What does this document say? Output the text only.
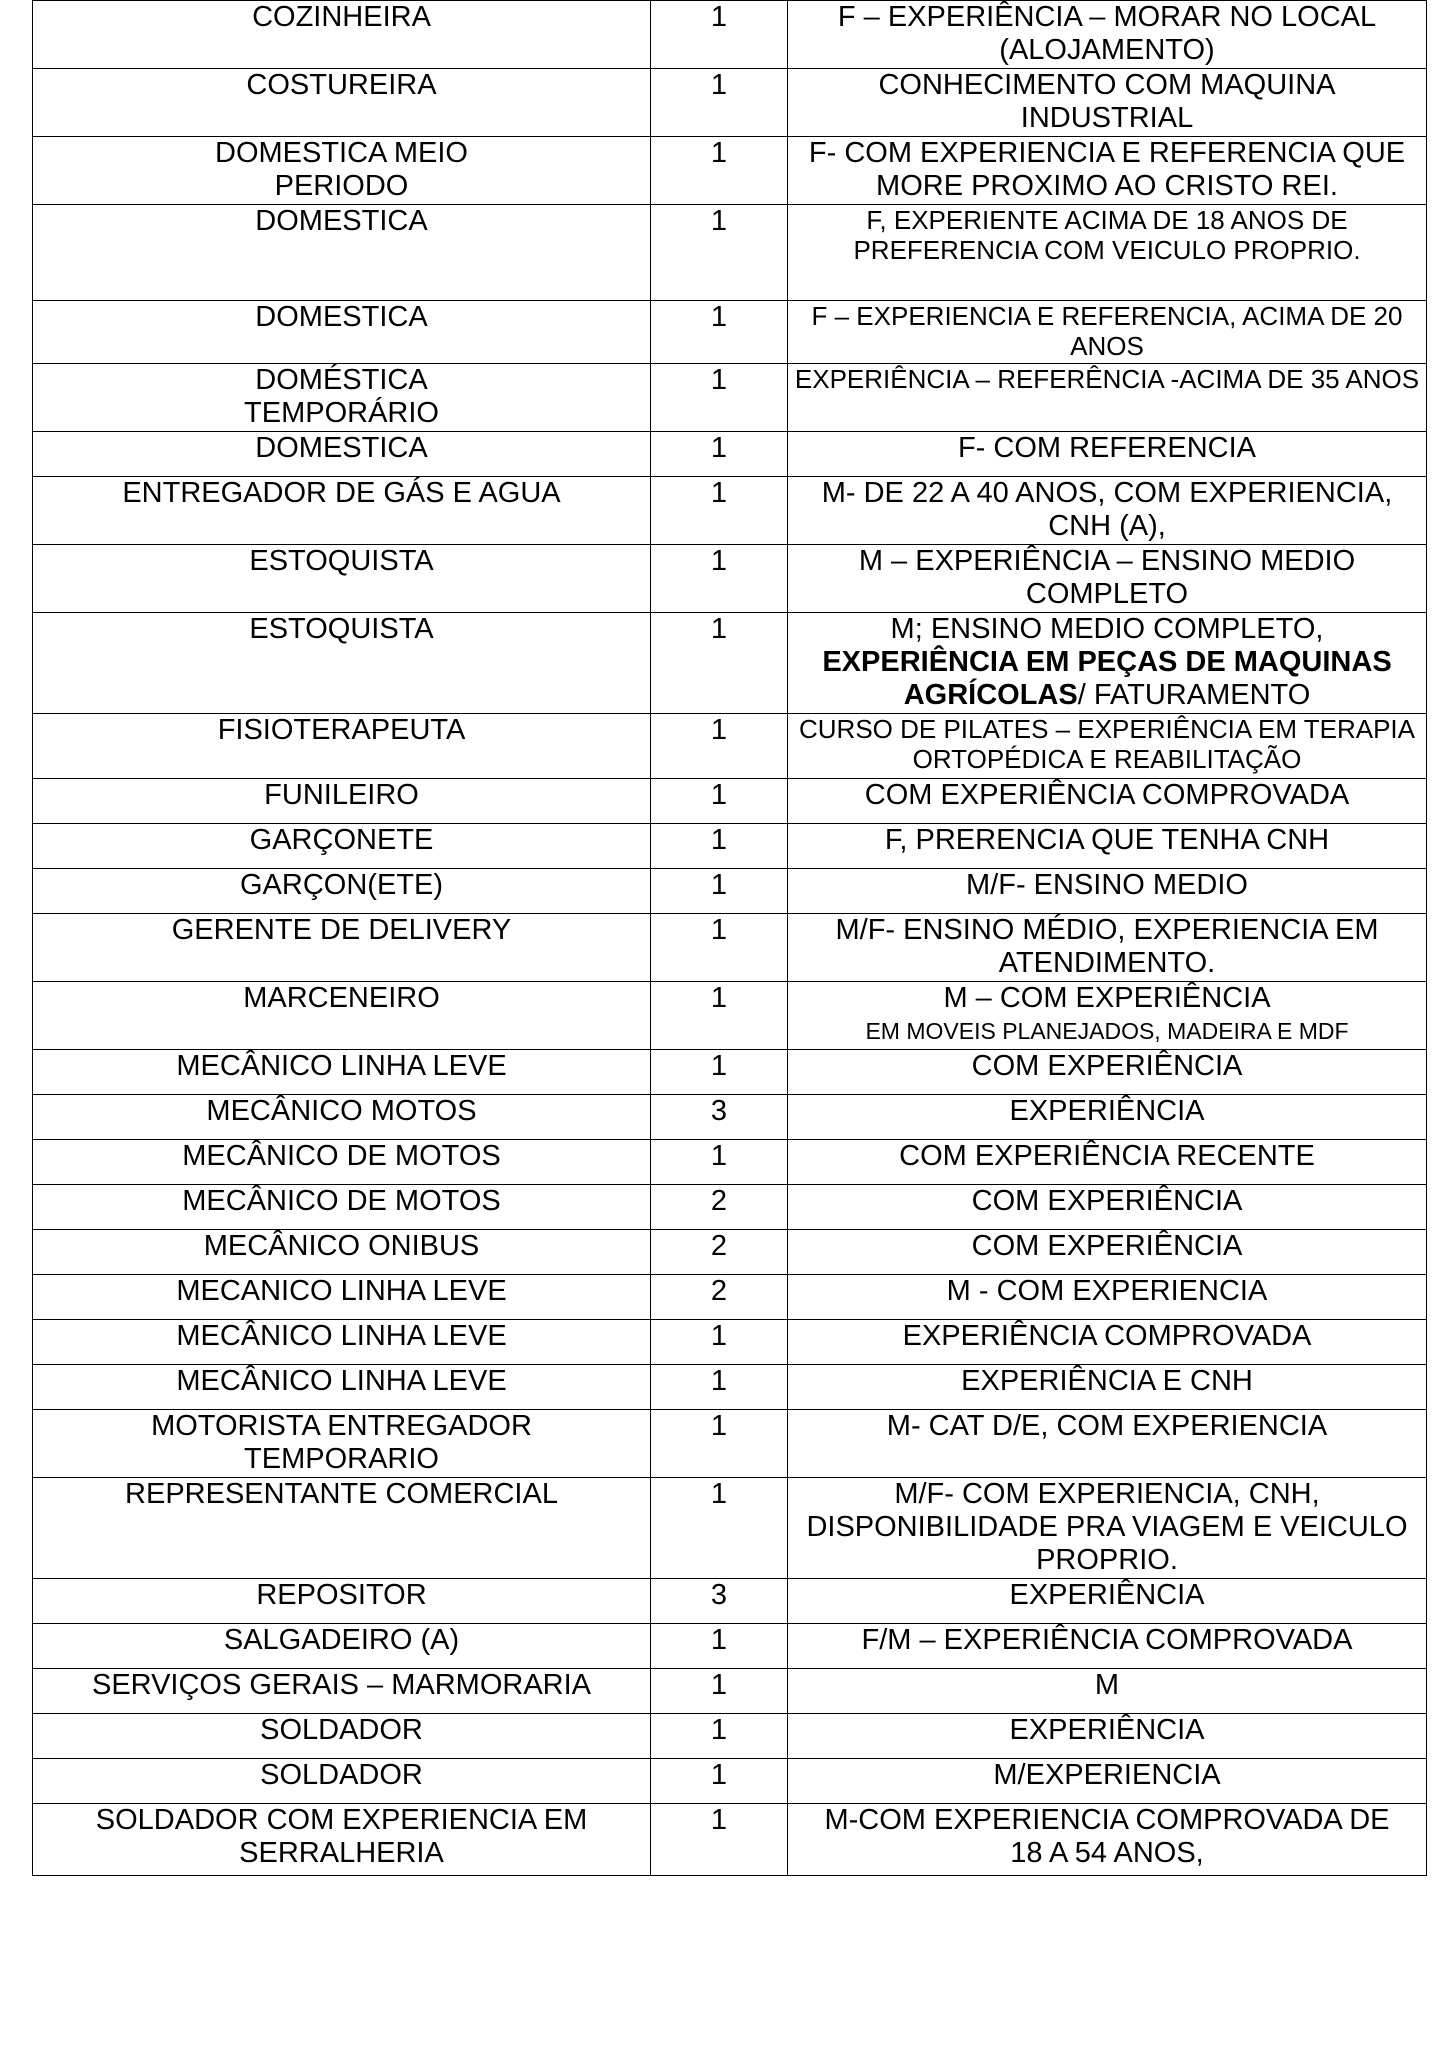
COZINHEIRA	1	F – EXPERIÊNCIA – MORAR NO LOCAL (ALOJAMENTO)
COSTUREIRA	1	CONHECIMENTO COM MAQUINA INDUSTRIAL
DOMESTICA MEIO PERIODO	1	F- COM EXPERIENCIA E REFERENCIA QUE MORE PROXIMO AO CRISTO REI.
DOMESTICA	1	F, EXPERIENTE ACIMA DE 18 ANOS DE PREFERENCIA COM VEICULO PROPRIO.
DOMESTICA	1	F – EXPERIENCIA E REFERENCIA, ACIMA DE 20 ANOS
DOMÉSTICA TEMPORÁRIO	1	EXPERIÊNCIA – REFERÊNCIA -ACIMA DE 35 ANOS
DOMESTICA	1	F- COM REFERENCIA
ENTREGADOR DE GÁS E AGUA	1	M- DE 22 A 40 ANOS, COM EXPERIENCIA, CNH (A),
ESTOQUISTA	1	M – EXPERIÊNCIA – ENSINO MEDIO COMPLETO
ESTOQUISTA	1	M; ENSINO MEDIO COMPLETO, EXPERIÊNCIA EM PEÇAS DE MAQUINAS AGRÍCOLAS/ FATURAMENTO
FISIOTERAPEUTA	1	CURSO DE PILATES – EXPERIÊNCIA EM TERAPIA ORTOPÉDICA E REABILITAÇÃO
FUNILEIRO	1	COM EXPERIÊNCIA COMPROVADA
GARÇONETE	1	F, PRERENCIA QUE TENHA CNH
GARÇON(ETE)	1	M/F- ENSINO MEDIO
GERENTE DE DELIVERY	1	M/F- ENSINO MÉDIO, EXPERIENCIA EM ATENDIMENTO.
MARCENEIRO	1	M – COM EXPERIÊNCIA
EM MOVEIS PLANEJADOS, MADEIRA E MDF

MECÂNICO LINHA LEVE	1	COM EXPERIÊNCIA
MECÂNICO MOTOS	3	EXPERIÊNCIA
MECÂNICO DE MOTOS	1	COM EXPERIÊNCIA RECENTE
MECÂNICO DE MOTOS	2	COM EXPERIÊNCIA
MECÂNICO ONIBUS	2	COM EXPERIÊNCIA
MECANICO LINHA LEVE	2	M - COM EXPERIENCIA
MECÂNICO LINHA LEVE	1	EXPERIÊNCIA COMPROVADA
MECÂNICO LINHA LEVE	1	EXPERIÊNCIA E CNH
MOTORISTA ENTREGADOR TEMPORARIO	1	M- CAT D/E, COM EXPERIENCIA
REPRESENTANTE COMERCIAL	1	M/F- COM EXPERIENCIA, CNH, DISPONIBILIDADE PRA VIAGEM E VEICULO PROPRIO.
REPOSITOR	3	EXPERIÊNCIA
SALGADEIRO (A)	1	F/M – EXPERIÊNCIA COMPROVADA
SERVIÇOS GERAIS – MARMORARIA	1	M
SOLDADOR	1	EXPERIÊNCIA
SOLDADOR	1	M/EXPERIENCIA
SOLDADOR COM EXPERIENCIA EM SERRALHERIA	1	M-COM EXPERIENCIA COMPROVADA DE 18 A 54 ANOS,
